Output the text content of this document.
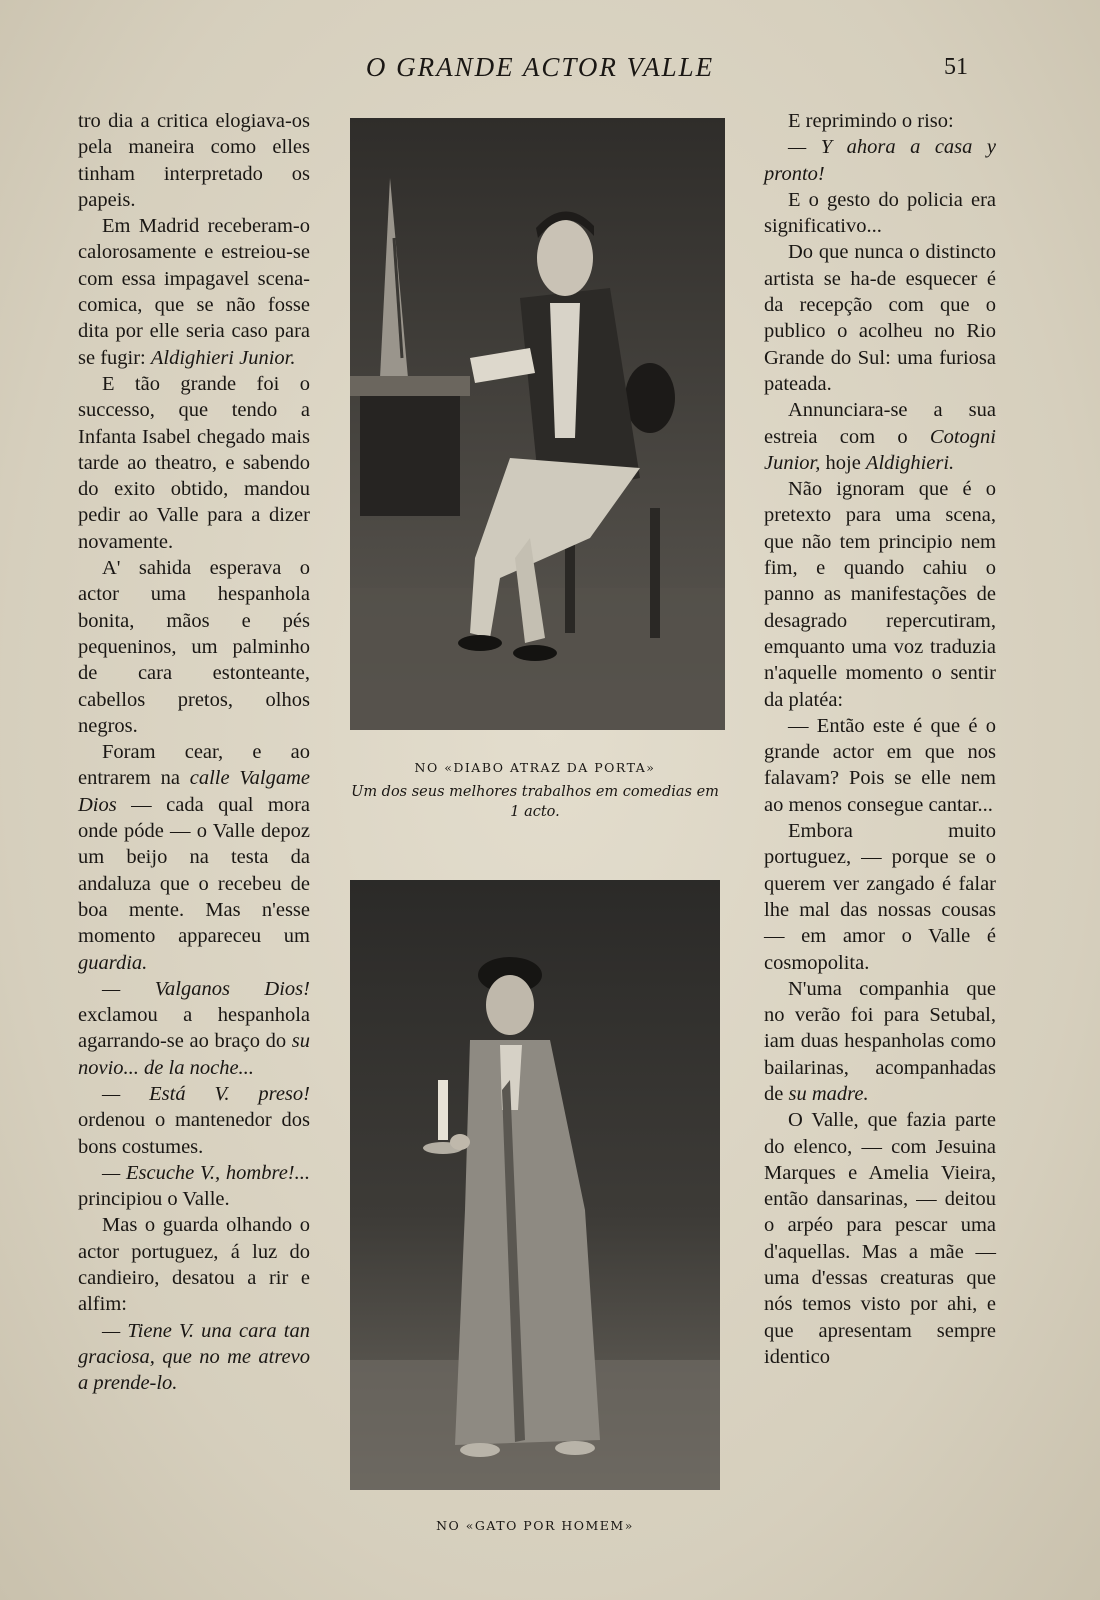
O GRANDE ACTOR VALLE	51

tro dia a critica elogiava-os pela maneira como elles tinham interpretado os papeis.

Em Madrid receberam-o calorosamente e estreiou-se com essa impagavel scena-comica, que se não fosse dita por elle seria caso para se fugir: Aldighieri Junior.

E tão grande foi o successo, que tendo a Infanta Isabel chegado mais tarde ao theatro, e sabendo do exito obtido, mandou pedir ao Valle para a dizer novamente.

A' sahida esperava o actor uma hespanhola bonita, mãos e pés pequeninos, um palminho de cara estonteante, cabellos pretos, olhos negros.

Foram cear, e ao entrarem na calle Valgame Dios — cada qual mora onde póde — o Valle depoz um beijo na testa da andaluza que o recebeu de boa mente. Mas n'esse momento appareceu um guardia.

— Valganos Dios! exclamou a hespanhola agarrando-se ao braço do su novio... de la noche...

— Está V. preso! ordenou o mantenedor dos bons costumes.

— Escuche V., hombre!... principiou o Valle.

Mas o guarda olhando o actor portuguez, á luz do candieiro, desatou a rir e alfim:

— Tiene V. una cara tan graciosa, que no me atrevo a prende-lo.

NO «DIABO ATRAZ DA PORTA»
Um dos seus melhores trabalhos em comedias em 1 acto.
NO «GATO POR HOMEM»

E reprimindo o riso:

— Y ahora a casa y pronto!

E o gesto do policia era significativo...

Do que nunca o distincto artista se ha-de esquecer é da recepção com que o publico o acolheu no Rio Grande do Sul: uma furiosa pateada.

Annunciara-se a sua estreia com o Cotogni Junior, hoje Aldighieri.

Não ignoram que é o pretexto para uma scena, que não tem principio nem fim, e quando cahiu o panno as manifestações de desagrado repercutiram, emquanto uma voz traduzia n'aquelle momento o sentir da platéa:

— Então este é que é o grande actor em que nos falavam? Pois se elle nem ao menos consegue cantar...

Embora muito portuguez, — porque se o querem ver zangado é falar lhe mal das nossas cousas — em amor o Valle é cosmopolita.

N'uma companhia que no verão foi para Setubal, iam duas hespanholas como bailarinas, acompanhadas de su madre.

O Valle, que fazia parte do elenco, — com Jesuina Marques e Amelia Vieira, então dansarinas, — deitou o arpéo para pescar uma d'aquellas. Mas a mãe — uma d'essas creaturas que nós temos visto por ahi, e que apresentam sempre identico
